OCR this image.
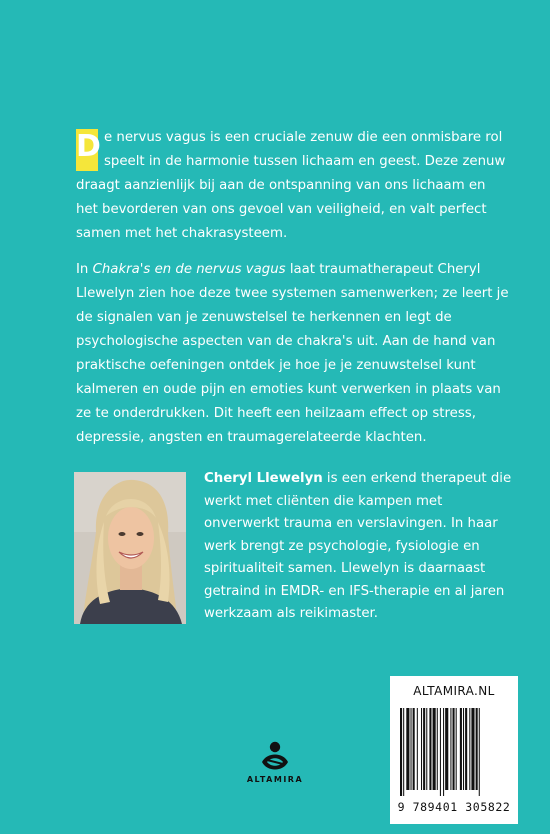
D e nervus vagus is een cruciale zenuw die een onmisbare rol speelt in de harmonie tussen lichaam en geest. Deze zenuw draagt aanzienlijk bij aan de ontspanning van ons lichaam en het bevorderen van ons gevoel van veiligheid, en valt perfect samen met het chakrasysteem.
In Chakra's en de nervus vagus laat traumatherapeut Cheryl Llewelyn zien hoe deze twee systemen samenwerken; ze leert je de signalen van je zenuwstelsel te herkennen en legt de psychologische aspecten van de chakra's uit. Aan de hand van praktische oefeningen ontdek je hoe je je zenuwstelsel kunt kalmeren en oude pijn en emoties kunt verwerken in plaats van ze te onderdrukken. Dit heeft een heilzaam effect op stress, depressie, angsten en traumagerelateerde klachten.
Cheryl Llewelyn is een erkend therapeut die werkt met cliënten die kampen met onverwerkt trauma en verslavingen. In haar werk brengt ze psychologie, fysiologie en spiritualiteit samen. Llewelyn is daarnaast getraind in EMDR- en IFS-therapie en al jaren werkzaam als reikimaster.
ALTAMIRA
ALTAMIRA.NL
9 789401 305822
